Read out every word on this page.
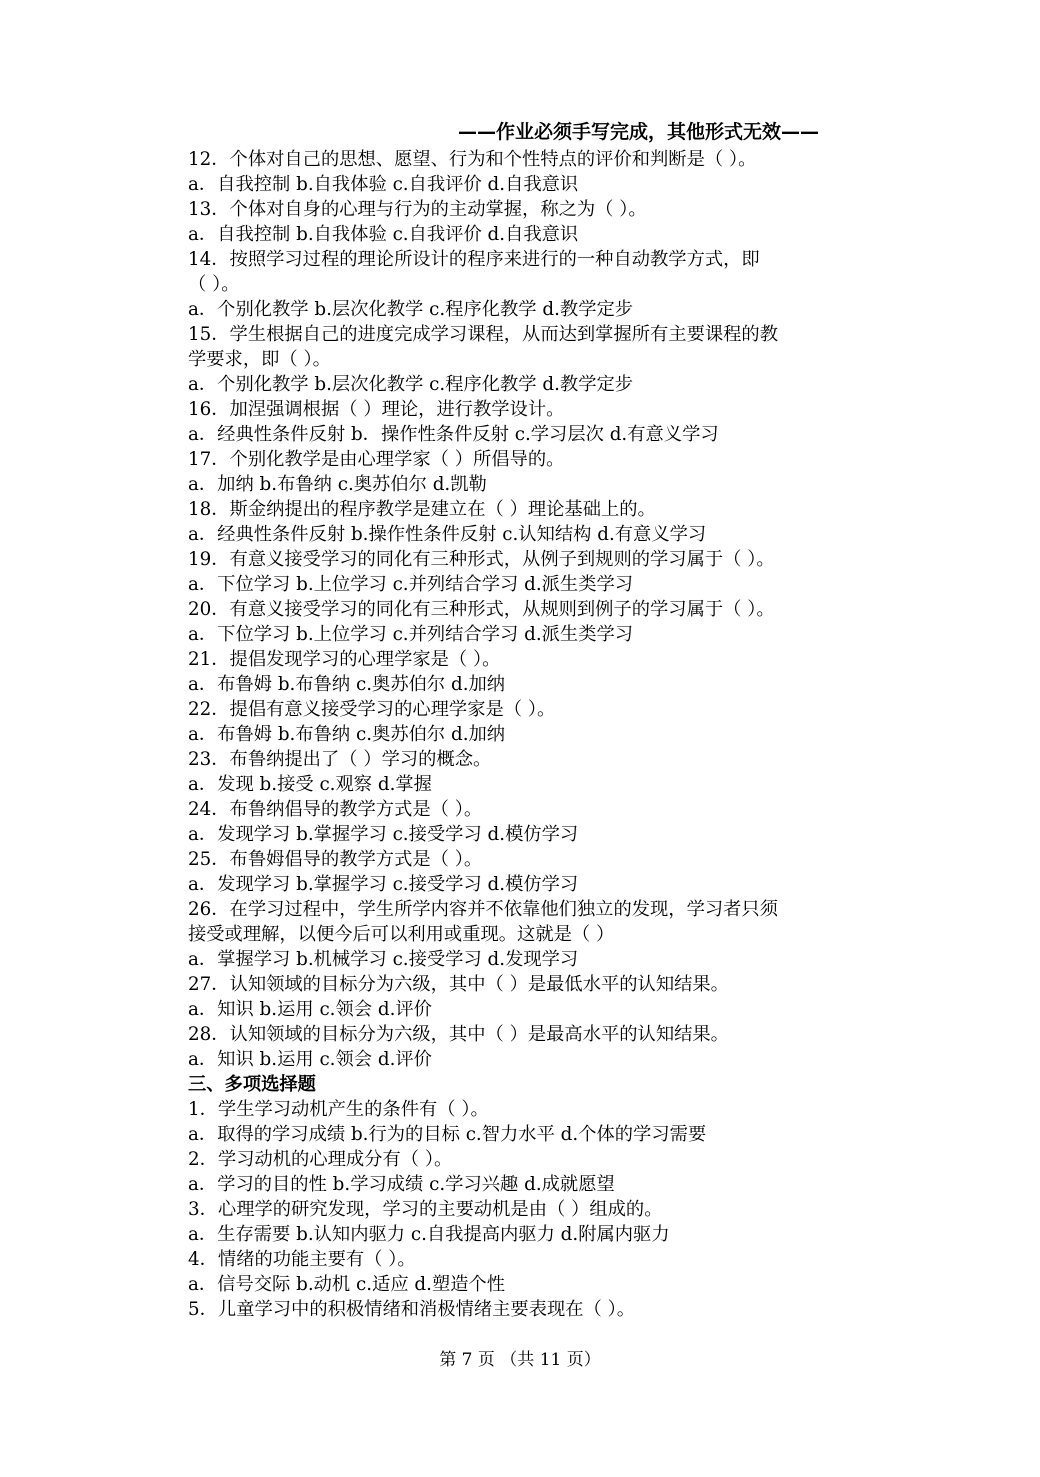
——作业必须手写完成，其他形式无效——
12．个体对自己的思想、愿望、行为和个性特点的评价和判断是（ ）。
a．自我控制 b.自我体验 c.自我评价 d.自我意识
13．个体对自身的心理与行为的主动掌握，称之为（ ）。
a．自我控制 b.自我体验 c.自我评价 d.自我意识
14．按照学习过程的理论所设计的程序来进行的一种自动教学方式，即
（ ）。
a．个别化教学 b.层次化教学 c.程序化教学 d.教学定步
15．学生根据自己的进度完成学习课程，从而达到掌握所有主要课程的教
学要求，即（ ）。
a．个别化教学 b.层次化教学 c.程序化教学 d.教学定步
16．加涅强调根据（ ）理论，进行教学设计。
a．经典性条件反射 b．操作性条件反射 c.学习层次 d.有意义学习
17．个别化教学是由心理学家（ ）所倡导的。
a．加纳 b.布鲁纳 c.奥苏伯尔 d.凯勒
18．斯金纳提出的程序教学是建立在（ ）理论基础上的。
a．经典性条件反射 b.操作性条件反射 c.认知结构 d.有意义学习
19．有意义接受学习的同化有三种形式，从例子到规则的学习属于（ ）。
a．下位学习 b.上位学习 c.并列结合学习 d.派生类学习
20．有意义接受学习的同化有三种形式，从规则到例子的学习属于（ ）。
a．下位学习 b.上位学习 c.并列结合学习 d.派生类学习
21．提倡发现学习的心理学家是（ ）。
a．布鲁姆 b.布鲁纳 c.奥苏伯尔 d.加纳
22．提倡有意义接受学习的心理学家是（ ）。
a．布鲁姆 b.布鲁纳 c.奥苏伯尔 d.加纳
23．布鲁纳提出了（ ）学习的概念。
a．发现 b.接受 c.观察 d.掌握
24．布鲁纳倡导的教学方式是（ ）。
a．发现学习 b.掌握学习 c.接受学习 d.模仿学习
25．布鲁姆倡导的教学方式是（ ）。
a．发现学习 b.掌握学习 c.接受学习 d.模仿学习
26．在学习过程中，学生所学内容并不依靠他们独立的发现，学习者只须
接受或理解，以便今后可以利用或重现。这就是（ ）
a．掌握学习 b.机械学习 c.接受学习 d.发现学习
27．认知领域的目标分为六级，其中（ ）是最低水平的认知结果。
a．知识 b.运用 c.领会 d.评价
28．认知领域的目标分为六级，其中（ ）是最高水平的认知结果。
a．知识 b.运用 c.领会 d.评价
三、多项选择题
1．学生学习动机产生的条件有（ ）。
a．取得的学习成绩 b.行为的目标 c.智力水平 d.个体的学习需要
2．学习动机的心理成分有（ ）。
a．学习的目的性 b.学习成绩 c.学习兴趣 d.成就愿望
3．心理学的研究发现，学习的主要动机是由（ ）组成的。
a．生存需要 b.认知内驱力 c.自我提高内驱力 d.附属内驱力
4．情绪的功能主要有（ ）。
a．信号交际 b.动机 c.适应 d.塑造个性
5．儿童学习中的积极情绪和消极情绪主要表现在（ ）。
第 7 页 （共 11 页）
